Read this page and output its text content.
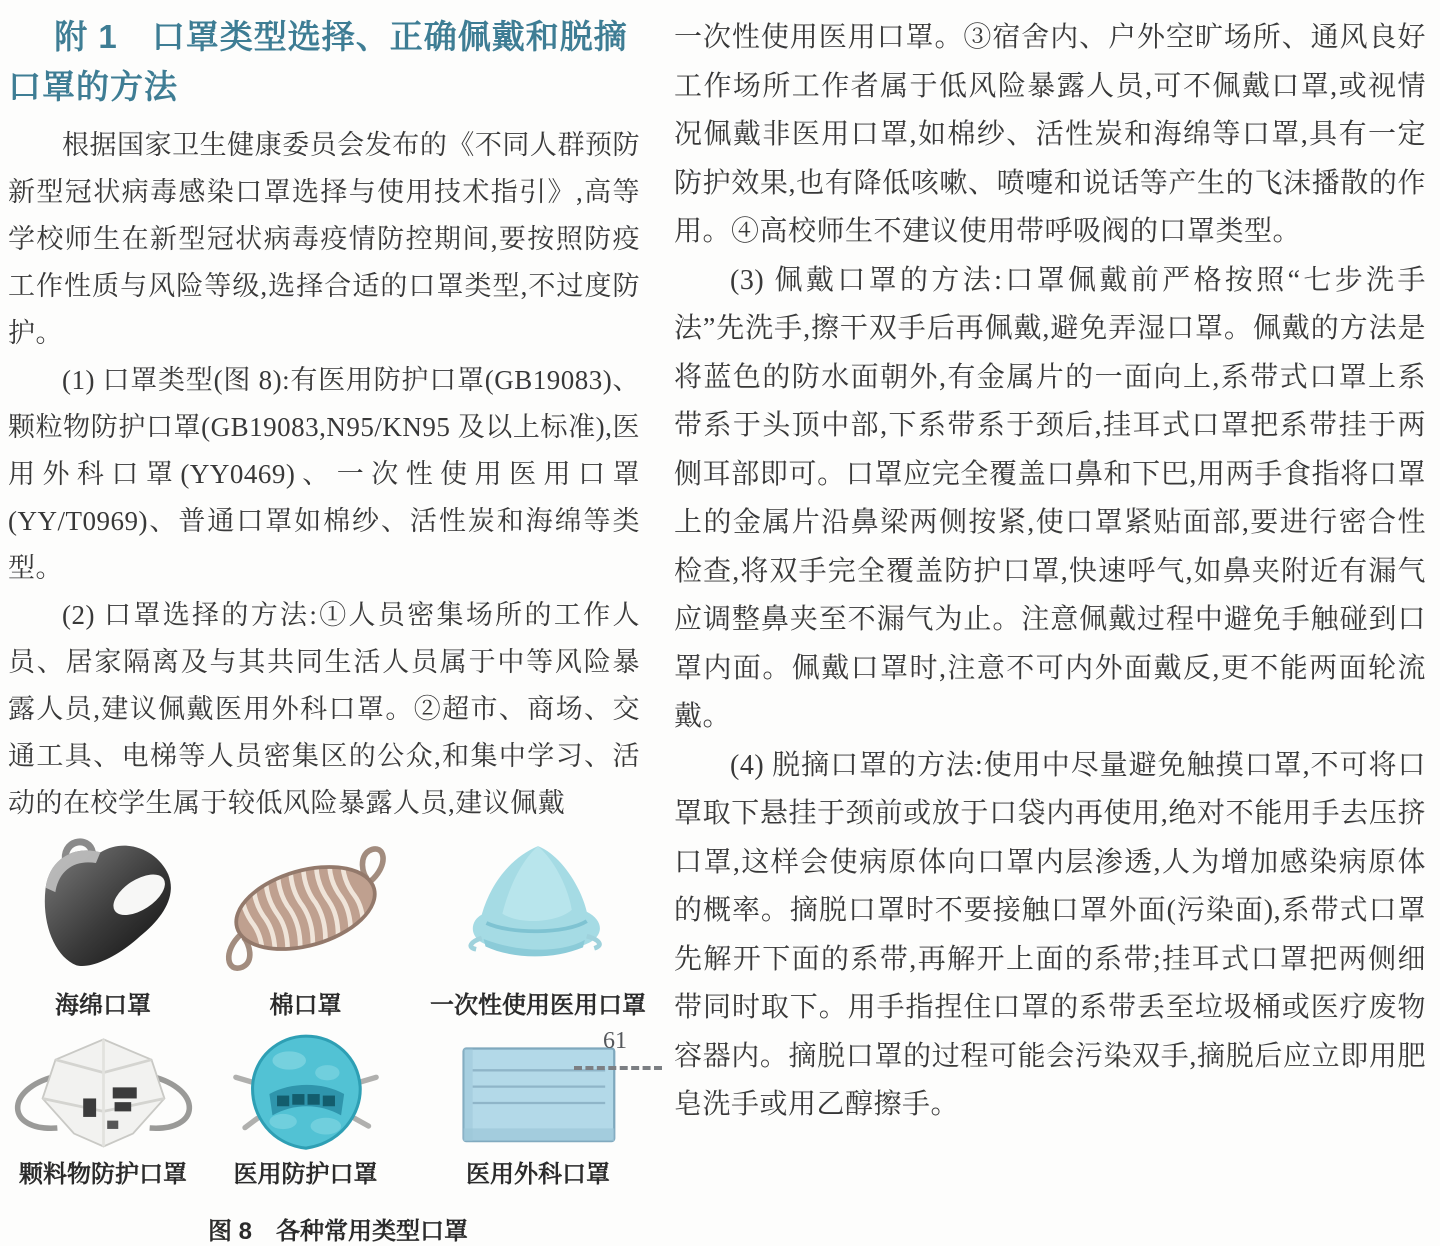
附 1　口罩类型选择、正确佩戴和脱摘口罩的方法

根据国家卫生健康委员会发布的《不同人群预防新型冠状病毒感染口罩选择与使用技术指引》,高等学校师生在新型冠状病毒疫情防控期间,要按照防疫工作性质与风险等级,选择合适的口罩类型,不过度防护。

(1) 口罩类型(图 8):有医用防护口罩(GB19083)、颗粒物防护口罩(GB19083,N95/KN95 及以上标准),医用外科口罩(YY0469)、一次性使用医用口罩(YY/T0969)、普通口罩如棉纱、活性炭和海绵等类型。

(2) 口罩选择的方法:①人员密集场所的工作人员、居家隔离及与其共同生活人员属于中等风险暴露人员,建议佩戴医用外科口罩。②超市、商场、交通工具、电梯等人员密集区的公众,和集中学习、活动的在校学生属于较低风险暴露人员,建议佩戴

海绵口罩	棉口罩	一次性使用医用口罩
颗料物防护口罩 医用防护口罩	医用外科口罩
图 8　各种常用类型口罩

一次性使用医用口罩。③宿舍内、户外空旷场所、通风良好工作场所工作者属于低风险暴露人员,可不佩戴口罩,或视情况佩戴非医用口罩,如棉纱、活性炭和海绵等口罩,具有一定防护效果,也有降低咳嗽、喷嚏和说话等产生的飞沫播散的作用。④高校师生不建议使用带呼吸阀的口罩类型。

(3) 佩戴口罩的方法:口罩佩戴前严格按照“七步洗手法”先洗手,擦干双手后再佩戴,避免弄湿口罩。佩戴的方法是将蓝色的防水面朝外,有金属片的一面向上,系带式口罩上系带系于头顶中部,下系带系于颈后,挂耳式口罩把系带挂于两侧耳部即可。口罩应完全覆盖口鼻和下巴,用两手食指将口罩上的金属片沿鼻梁两侧按紧,使口罩紧贴面部,要进行密合性检查,将双手完全覆盖防护口罩,快速呼气,如鼻夹附近有漏气应调整鼻夹至不漏气为止。注意佩戴过程中避免手触碰到口罩内面。佩戴口罩时,注意不可内外面戴反,更不能两面轮流戴。

(4) 脱摘口罩的方法:使用中尽量避免触摸口罩,不可将口罩取下悬挂于颈前或放于口袋内再使用,绝对不能用手去压挤口罩,这样会使病原体向口罩内层渗透,人为增加感染病原体的概率。摘脱口罩时不要接触口罩外面(污染面),系带式口罩先解开下面的系带,再解开上面的系带;挂耳式口罩把两侧细带同时取下。用手指捏住口罩的系带丢至垃圾桶或医疗废物容器内。摘脱口罩的过程可能会污染双手,摘脱后应立即用肥皂洗手或用乙醇擦手。

61
